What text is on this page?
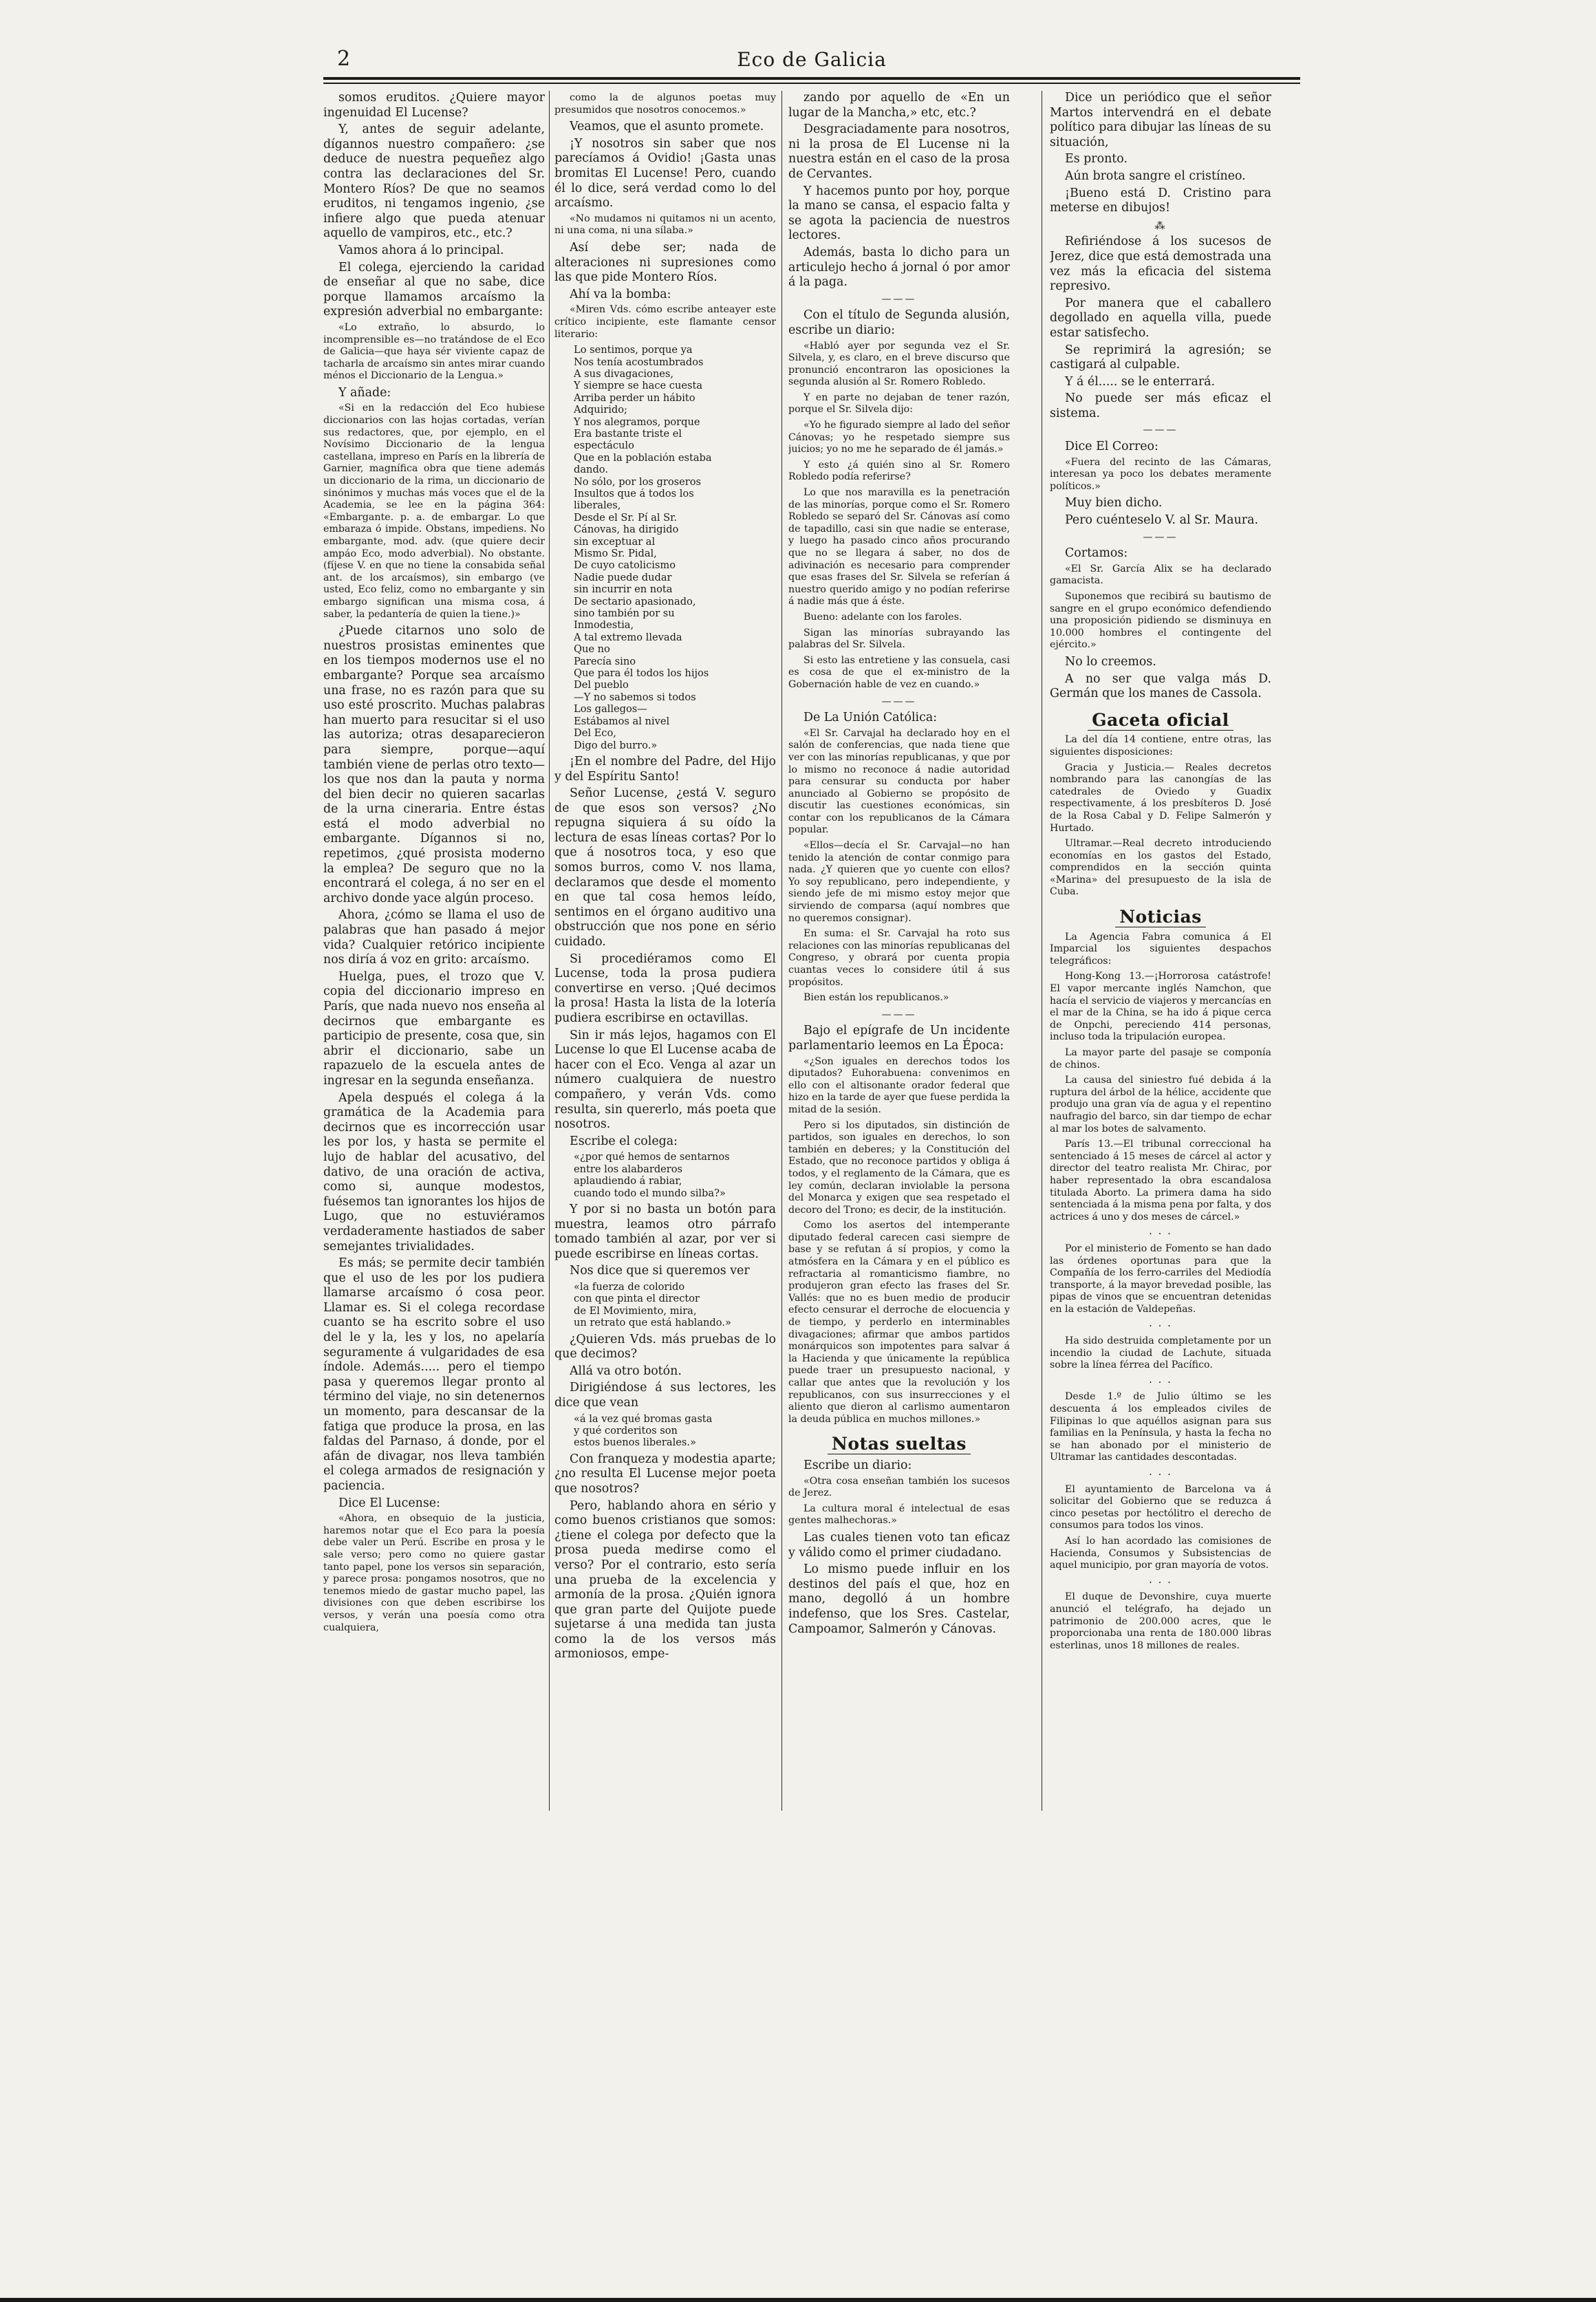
2	Eco de Galicia

somos eruditos. ¿Quiere mayor ingenuidad El Lucense?

Y, antes de seguir adelante, dígannos nuestro compañero: ¿se deduce de nuestra pequeñez algo contra las declaraciones del Sr. Montero Ríos? De que no seamos eruditos, ni tengamos ingenio, ¿se infiere algo que pueda atenuar aquello de vampiros, etc., etc.?

Vamos ahora á lo principal.

El colega, ejerciendo la caridad de enseñar al que no sabe, dice porque llamamos arcaísmo la expresión adverbial no embargante:

«Lo extraño, lo absurdo, lo incomprensible es—no tratándose de el Eco de Galicia—que haya sér viviente capaz de tacharla de arcaísmo sin antes mirar cuando ménos el Diccionario de la Lengua.»

Y añade:

«Si en la redacción del Eco hubiese diccionarios con las hojas cortadas, verían sus redactores, que, por ejemplo, en el Novísimo Diccionario de la lengua castellana, impreso en París en la librería de Garnier, magnífica obra que tiene además un diccionario de la rima, un diccionario de sinónimos y muchas más voces que el de la Academia, se lee en la página 364: «Embargante. p. a. de embargar. Lo que embaraza ó impide. Obstans, impediens. No embargante, mod. adv. (que quiere decir ampáo Eco, modo adverbial). No obstante. (fíjese V. en que no tiene la consabida señal ant. de los arcaísmos), sin embargo (ve usted, Eco feliz, como no embargante y sin embargo significan una misma cosa, á saber, la pedantería de quien la tiene.)»

¿Puede citarnos uno solo de nuestros prosistas eminentes que en los tiempos modernos use el no embargante? Porque sea arcaísmo una frase, no es razón para que su uso esté proscrito. Muchas palabras han muerto para resucitar si el uso las autoriza; otras desaparecieron para siempre, porque—aquí también viene de perlas otro texto—los que nos dan la pauta y norma del bien decir no quieren sacarlas de la urna cineraria. Entre éstas está el modo adverbial no embargante. Dígannos si no, repetimos, ¿qué prosista moderno la emplea? De seguro que no la encontrará el colega, á no ser en el archivo donde yace algún proceso.

Ahora, ¿cómo se llama el uso de palabras que han pasado á mejor vida? Cualquier retórico incipiente nos diría á voz en grito: arcaísmo.

Huelga, pues, el trozo que V. copia del diccionario impreso en París, que nada nuevo nos enseña al decirnos que embargante es participio de presente, cosa que, sin abrir el diccionario, sabe un rapazuelo de la escuela antes de ingresar en la segunda enseñanza.

Apela después el colega á la gramática de la Academia para decirnos que es incorrección usar les por los, y hasta se permite el lujo de hablar del acusativo, del dativo, de una oración de activa, como si, aunque modestos, fuésemos tan ignorantes los hijos de Lugo, que no estuviéramos verdaderamente hastiados de saber semejantes trivialidades.

Es más; se permite decir también que el uso de les por los pudiera llamarse arcaísmo ó cosa peor. Llamar es. Si el colega recordase cuanto se ha escrito sobre el uso del le y la, les y los, no apelaría seguramente á vulgaridades de esa índole. Además..... pero el tiempo pasa y queremos llegar pronto al término del viaje, no sin detenernos un momento, para descansar de la fatiga que produce la prosa, en las faldas del Parnaso, á donde, por el afán de divagar, nos lleva también el colega armados de resignación y paciencia.

Dice El Lucense:

«Ahora, en obsequio de la justicia, haremos notar que el Eco para la poesía debe valer un Perú. Escribe en prosa y le sale verso; pero como no quiere gastar tanto papel, pone los versos sin separación, y parece prosa: pongamos nosotros, que no tenemos miedo de gastar mucho papel, las divisiones con que deben escribirse los versos, y verán una poesía como otra cualquiera,

como la de algunos poetas muy presumidos que nosotros conocemos.»

Veamos, que el asunto promete.

¡Y nosotros sin saber que nos parecíamos á Ovidio! ¡Gasta unas bromitas El Lucense! Pero, cuando él lo dice, será verdad como lo del arcaísmo.

«No mudamos ni quitamos ni un acento, ni una coma, ni una sílaba.»

Así debe ser; nada de alteraciones ni supresiones como las que pide Montero Ríos.

Ahí va la bomba:

«Miren Vds. cómo escribe anteayer este crítico incipiente, este flamante censor literario:

Lo sentimos, porque ya
Nos tenía acostumbrados
A sus divagaciones,
Y siempre se hace cuesta
Arriba perder un hábito
Adquirido;
Y nos alegramos, porque
Era bastante triste el
espectáculo
Que en la población estaba
dando.
No sólo, por los groseros
Insultos que á todos los
liberales,
Desde el Sr. Pí al Sr.
Cánovas, ha dirigido
sin exceptuar al
Mismo Sr. Pidal,
De cuyo catolicismo
Nadie puede dudar
sin incurrir en nota
De sectario apasionado,
sino también por su
Inmodestia,
A tal extremo llevada
Que no
Parecía sino
Que para él todos los hijos
Del pueblo
—Y no sabemos si todos
Los gallegos—
Estábamos al nivel
Del Eco,
Digo del burro.»

¡En el nombre del Padre, del Hijo y del Espíritu Santo!

Señor Lucense, ¿está V. seguro de que esos son versos? ¿No repugna siquiera á su oído la lectura de esas líneas cortas? Por lo que á nosotros toca, y eso que somos burros, como V. nos llama, declaramos que desde el momento en que tal cosa hemos leído, sentimos en el órgano auditivo una obstrucción que nos pone en sério cuidado.

Si procediéramos como El Lucense, toda la prosa pudiera convertirse en verso. ¡Qué decimos la prosa! Hasta la lista de la lotería pudiera escribirse en octavillas.

Sin ir más lejos, hagamos con El Lucense lo que El Lucense acaba de hacer con el Eco. Venga al azar un número cualquiera de nuestro compañero, y verán Vds. como resulta, sin quererlo, más poeta que nosotros.

Escribe el colega:

«¿por qué hemos de sentarnos
entre los alabarderos
aplaudiendo á rabiar,
cuando todo el mundo silba?»

Y por si no basta un botón para muestra, leamos otro párrafo tomado también al azar, por ver si puede escribirse en líneas cortas.

Nos dice que si queremos ver

«la fuerza de colorido
con que pinta el director
de El Movimiento, mira,
un retrato que está hablando.»

¿Quieren Vds. más pruebas de lo que decimos?

Allá va otro botón.

Dirigiéndose á sus lectores, les dice que vean

«á la vez qué bromas gasta
y qué corderitos son
estos buenos liberales.»

Con franqueza y modestia aparte; ¿no resulta El Lucense mejor poeta que nosotros?

Pero, hablando ahora en sério y como buenos cristianos que somos: ¿tiene el colega por defecto que la prosa pueda medirse como el verso? Por el contrario, esto sería una prueba de la excelencia y armonía de la prosa. ¿Quién ignora que gran parte del Quijote puede sujetarse á una medida tan justa como la de los versos más armoniosos, empe-

zando por aquello de «En un lugar de la Mancha,» etc, etc.?

Desgraciadamente para nosotros, ni la prosa de El Lucense ni la nuestra están en el caso de la prosa de Cervantes.

Y hacemos punto por hoy, porque la mano se cansa, el espacio falta y se agota la paciencia de nuestros lectores.

Además, basta lo dicho para un articulejo hecho á jornal ó por amor á la paga.

———

Con el título de Segunda alusión, escribe un diario:

«Habló ayer por segunda vez el Sr. Silvela, y, es claro, en el breve discurso que pronunció encontraron las oposiciones la segunda alusión al Sr. Romero Robledo.

Y en parte no dejaban de tener razón, porque el Sr. Silvela dijo:

«Yo he figurado siempre al lado del señor Cánovas; yo he respetado siempre sus juicios; yo no me he separado de él jamás.»

Y esto ¿á quién sino al Sr. Romero Robledo podía referirse?

Lo que nos maravilla es la penetración de las minorías, porque como el Sr. Romero Robledo se separó del Sr. Cánovas así como de tapadillo, casi sin que nadie se enterase, y luego ha pasado cinco años procurando que no se llegara á saber, no dos de adivinación es necesario para comprender que esas frases del Sr. Silvela se referían á nuestro querido amigo y no podían referirse á nadie más que á éste.

Bueno: adelante con los faroles.

Sigan las minorías subrayando las palabras del Sr. Silvela.

Si esto las entretiene y las consuela, casi es cosa de que el ex-ministro de la Gobernación hable de vez en cuando.»

———

De La Unión Católica:

«El Sr. Carvajal ha declarado hoy en el salón de conferencias, que nada tiene que ver con las minorías republicanas, y que por lo mismo no reconoce á nadie autoridad para censurar su conducta por haber anunciado al Gobierno se propósito de discutir las cuestiones económicas, sin contar con los republicanos de la Cámara popular.

«Ellos—decía el Sr. Carvajal—no han tenido la atención de contar conmigo para nada. ¿Y quieren que yo cuente con ellos? Yo soy republicano, pero independiente, y siendo jefe de mi mismo estoy mejor que sirviendo de comparsa (aquí nombres que no queremos consignar).

En suma: el Sr. Carvajal ha roto sus relaciones con las minorías republicanas del Congreso, y obrará por cuenta propia cuantas veces lo considere útil á sus propósitos.

Bien están los republicanos.»

———

Bajo el epígrafe de Un incidente parlamentario leemos en La Época:

«¿Son iguales en derechos todos los diputados? Euhorabuena: convenimos en ello con el altisonante orador federal que hizo en la tarde de ayer que fuese perdida la mitad de la sesión.

Pero si los diputados, sin distinción de partidos, son iguales en derechos, lo son también en deberes; y la Constitución del Estado, que no reconoce partidos y obliga á todos, y el reglamento de la Cámara, que es ley común, declaran inviolable la persona del Monarca y exigen que sea respetado el decoro del Trono; es decir, de la institución.

Como los asertos del intemperante diputado federal carecen casi siempre de base y se refutan á sí propios, y como la atmósfera en la Cámara y en el público es refractaria al romanticismo fiambre, no produjeron gran efecto las frases del Sr. Vallés: que no es buen medio de producir efecto censurar el derroche de elocuencia y de tiempo, y perderlo en interminables divagaciones; afirmar que ambos partidos monárquicos son impotentes para salvar á la Hacienda y que únicamente la república puede traer un presupuesto nacional, y callar que antes que la revolución y los republicanos, con sus insurrecciones y el aliento que dieron al carlismo aumentaron la deuda pública en muchos millones.»

Notas sueltas

Escribe un diario:

«Otra cosa enseñan también los sucesos de Jerez.

La cultura moral é intelectual de esas gentes malhechoras.»

Las cuales tienen voto tan eficaz y válido como el primer ciudadano.

Lo mismo puede influir en los destinos del país el que, hoz en mano, degolló á un hombre indefenso, que los Sres. Castelar, Campoamor, Salmerón y Cánovas.

Dice un periódico que el señor Martos intervendrá en el debate político para dibujar las líneas de su situación,

Es pronto.

Aún brota sangre el cristíneo.

¡Bueno está D. Cristino para meterse en dibujos!

⁂

Refiriéndose á los sucesos de Jerez, dice que está demostrada una vez más la eficacia del sistema represivo.

Por manera que el caballero degollado en aquella villa, puede estar satisfecho.

Se reprimirá la agresión; se castigará al culpable.

Y á él..... se le enterrará.

No puede ser más eficaz el sistema.

———

Dice El Correo:

«Fuera del recinto de las Cámaras, interesan ya poco los debates meramente políticos.»

Muy bien dicho.

Pero cuénteselo V. al Sr. Maura.

———

Cortamos:

«El Sr. García Alix se ha declarado gamacista.

Suponemos que recibirá su bautismo de sangre en el grupo económico defendiendo una proposición pidiendo se disminuya en 10.000 hombres el contingente del ejército.»

No lo creemos.

A no ser que valga más D. Germán que los manes de Cassola.

Gaceta oficial

La del día 14 contiene, entre otras, las siguientes disposiciones:

Gracia y Justicia.— Reales decretos nombrando para las canongías de las catedrales de Oviedo y Guadix respectivamente, á los presbíteros D. José de la Rosa Cabal y D. Felipe Salmerón y Hurtado.

Ultramar.—Real decreto introduciendo economías en los gastos del Estado, comprendidos en la sección quinta «Marina» del presupuesto de la isla de Cuba.

Noticias

La Agencia Fabra comunica á El Imparcial los siguientes despachos telegráficos:

Hong-Kong 13.—¡Horrorosa catástrofe! El vapor mercante inglés Namchon, que hacía el servicio de viajeros y mercancías en el mar de la China, se ha ido á pique cerca de Onpchi, pereciendo 414 personas, incluso toda la tripulación europea.

La mayor parte del pasaje se componía de chinos.

La causa del siniestro fué debida á la ruptura del árbol de la hélice, accidente que produjo una gran vía de agua y el repentino naufragio del barco, sin dar tiempo de echar al mar los botes de salvamento.

París 13.—El tribunal correccional ha sentenciado á 15 meses de cárcel al actor y director del teatro realista Mr. Chirac, por haber representado la obra escandalosa titulada Aborto. La primera dama ha sido sentenciada á la misma pena por falta, y dos actrices á uno y dos meses de cárcel.»

· · ·

Por el ministerio de Fomento se han dado las órdenes oportunas para que la Compañía de los ferro-carriles del Mediodía transporte, á la mayor brevedad posible, las pipas de vinos que se encuentran detenidas en la estación de Valdepeñas.

· · ·

Ha sido destruida completamente por un incendio la ciudad de Lachute, situada sobre la línea férrea del Pacífico.

· · ·

Desde 1.º de Julio último se les descuenta á los empleados civiles de Filipinas lo que aquéllos asignan para sus familias en la Península, y hasta la fecha no se han abonado por el ministerio de Ultramar las cantidades descontadas.

· · ·

El ayuntamiento de Barcelona va á solicitar del Gobierno que se reduzca á cinco pesetas por hectólitro el derecho de consumos para todos los vinos.

Así lo han acordado las comisiones de Hacienda, Consumos y Subsistencias de aquel municipio, por gran mayoría de votos.

· · ·

El duque de Devonshire, cuya muerte anunció el telégrafo, ha dejado un patrimonio de 200.000 acres, que le proporcionaba una renta de 180.000 libras esterlinas, unos 18 millones de reales.
